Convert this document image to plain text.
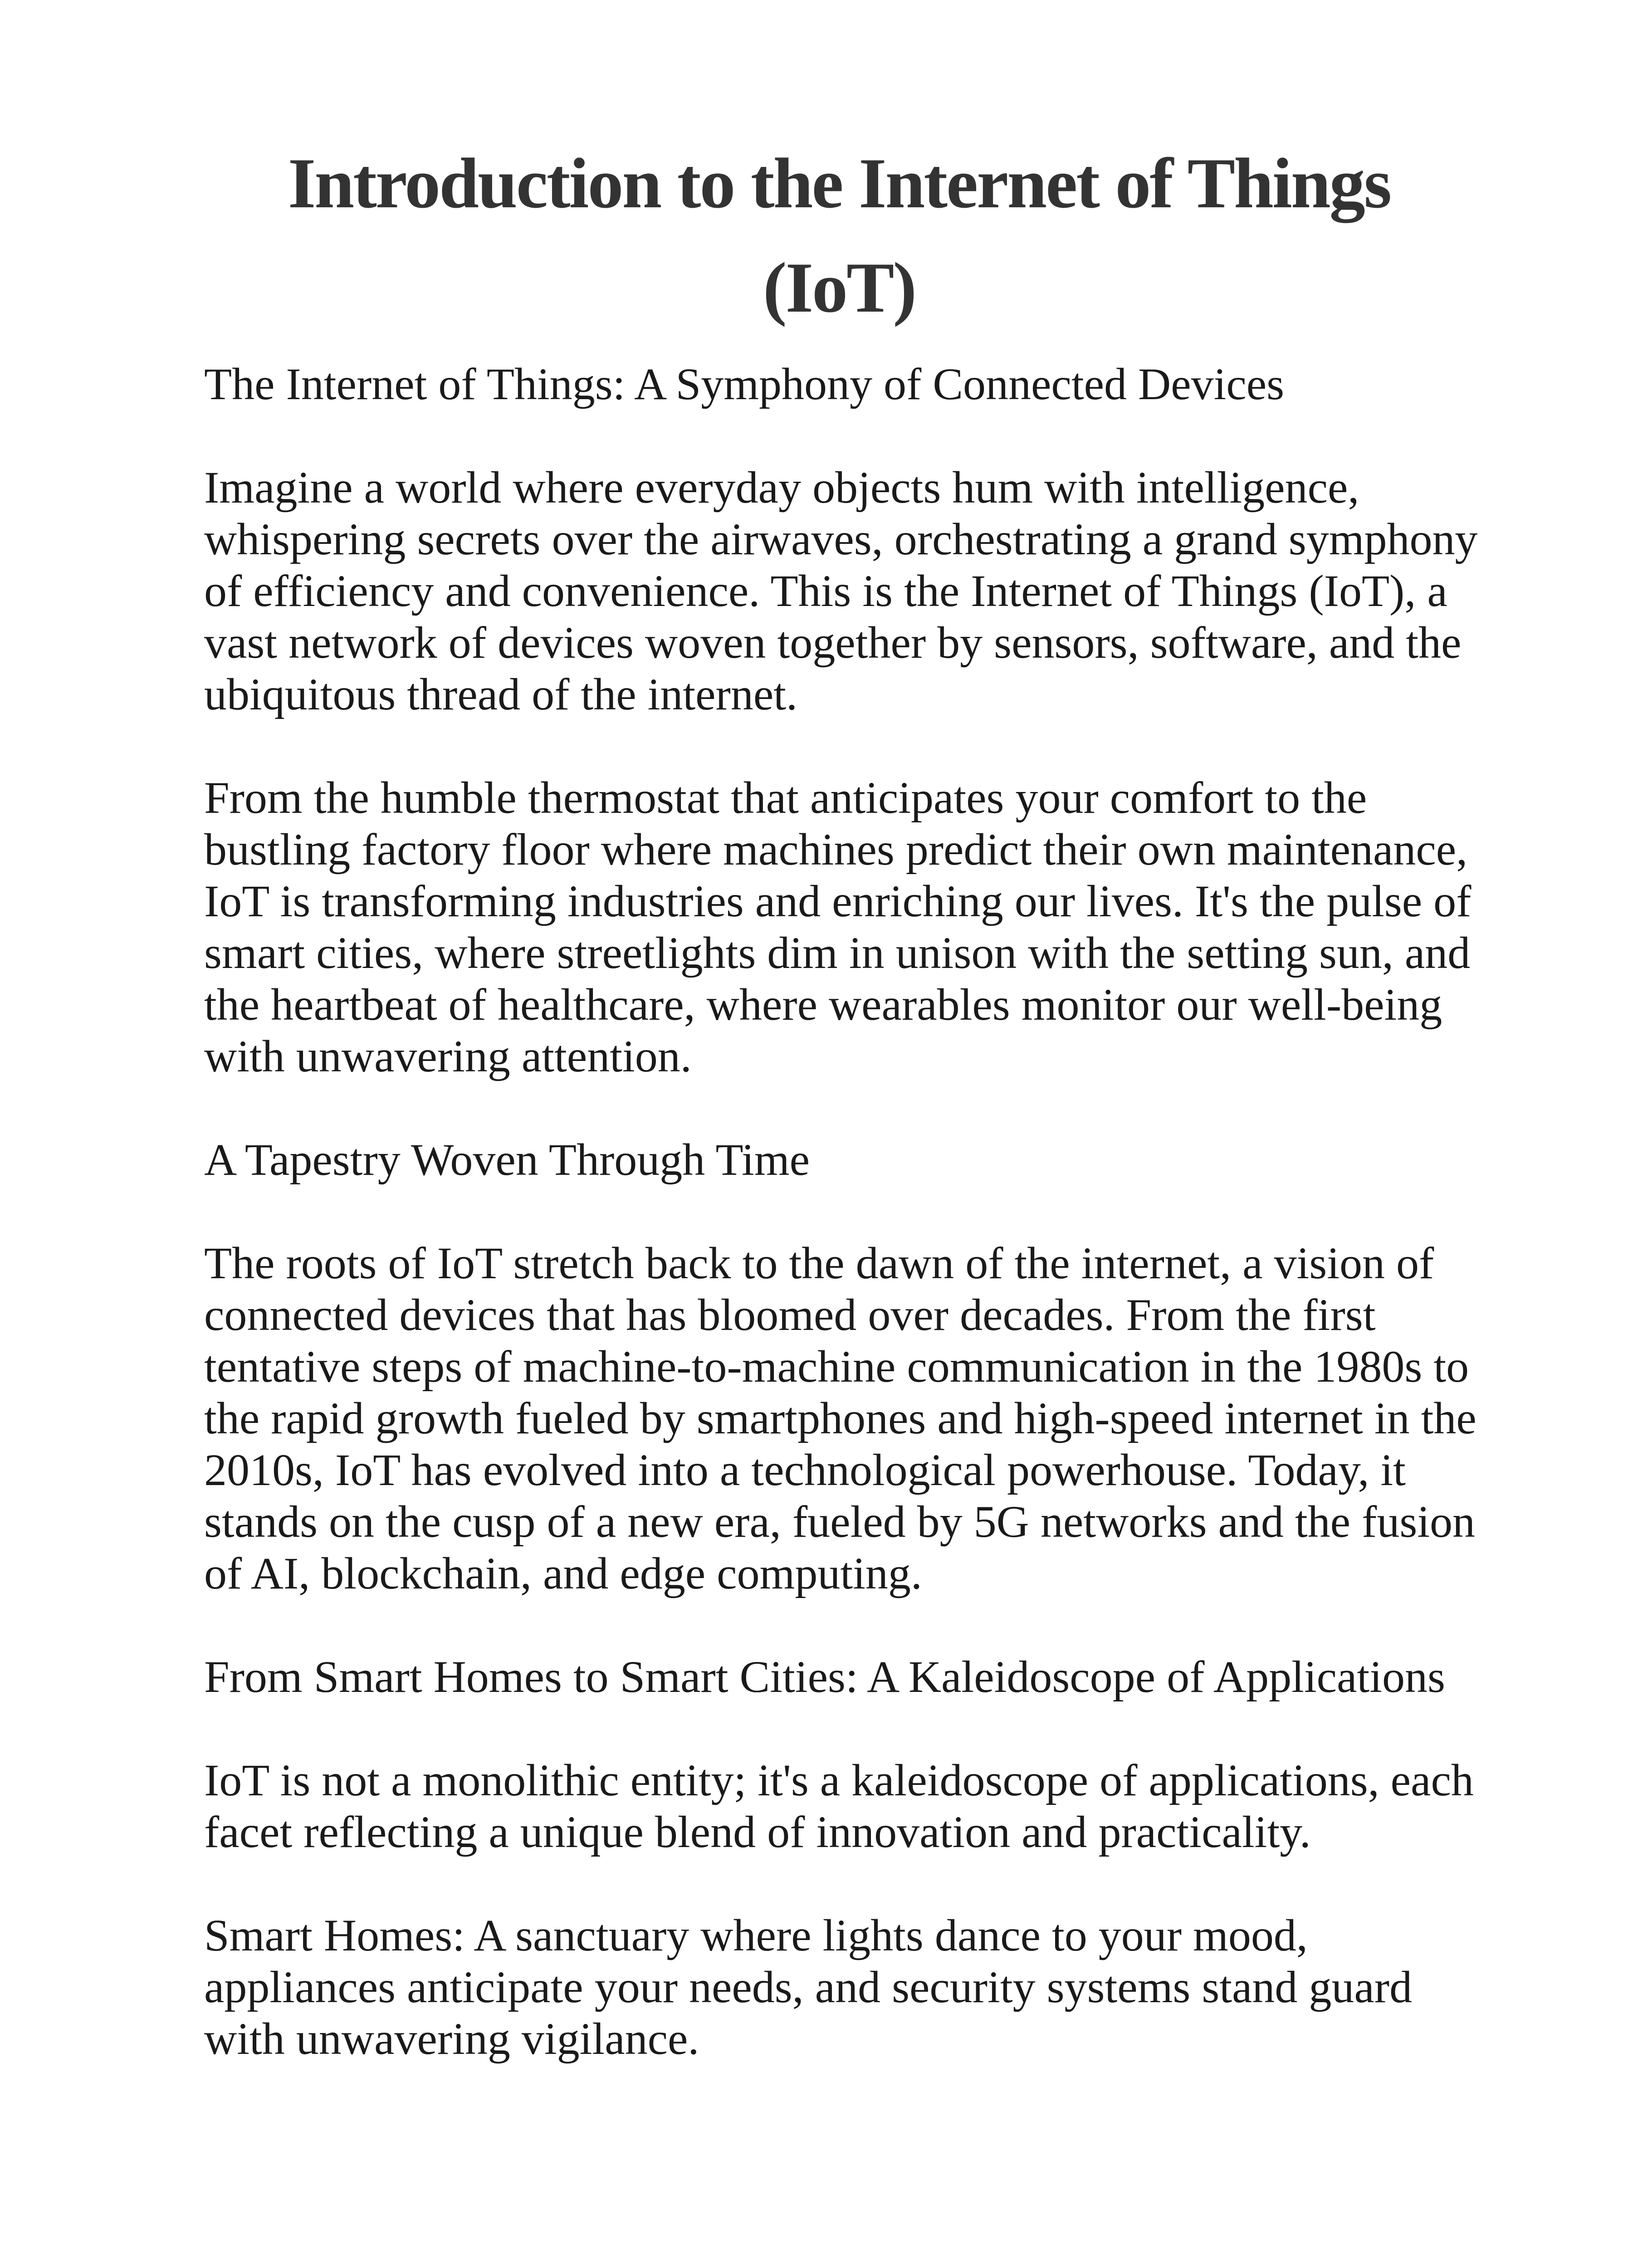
Introduction to the Internet of Things (IoT)

The Internet of Things: A Symphony of Connected Devices

Imagine a world where everyday objects hum with intelligence, whispering secrets over the airwaves, orchestrating a grand symphony of efficiency and convenience. This is the Internet of Things (IoT), a vast network of devices woven together by sensors, software, and the ubiquitous thread of the internet.

From the humble thermostat that anticipates your comfort to the bustling factory floor where machines predict their own maintenance, IoT is transforming industries and enriching our lives. It's the pulse of smart cities, where streetlights dim in unison with the setting sun, and the heartbeat of healthcare, where wearables monitor our well-being with unwavering attention.

A Tapestry Woven Through Time

The roots of IoT stretch back to the dawn of the internet, a vision of connected devices that has bloomed over decades. From the first tentative steps of machine-to-machine communication in the 1980s to the rapid growth fueled by smartphones and high-speed internet in the 2010s, IoT has evolved into a technological powerhouse. Today, it stands on the cusp of a new era, fueled by 5G networks and the fusion of AI, blockchain, and edge computing.

From Smart Homes to Smart Cities: A Kaleidoscope of Applications

IoT is not a monolithic entity; it's a kaleidoscope of applications, each facet reflecting a unique blend of innovation and practicality.

Smart Homes: A sanctuary where lights dance to your mood, appliances anticipate your needs, and security systems stand guard with unwavering vigilance.
